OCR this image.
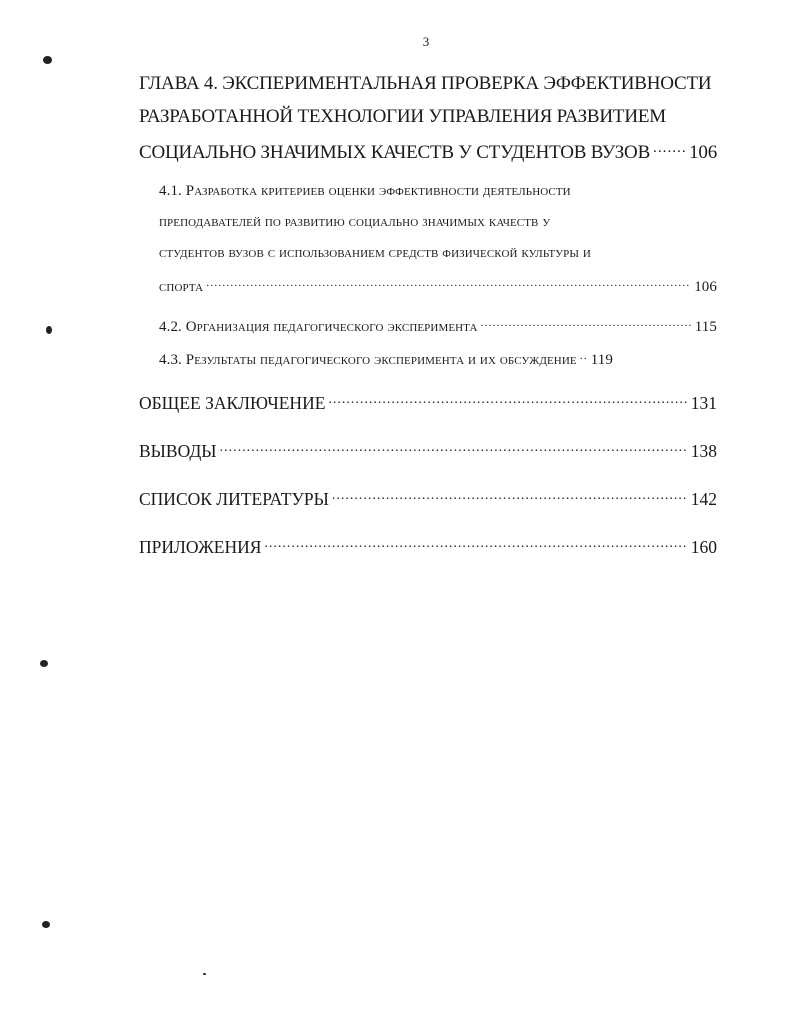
3
ГЛАВА 4. ЭКСПЕРИМЕНТАЛЬНАЯ ПРОВЕРКА ЭФФЕКТИВНОСТИ
РАЗРАБОТАННОЙ ТЕХНОЛОГИИ УПРАВЛЕНИЯ РАЗВИТИЕМ
СОЦИАЛЬНО ЗНАЧИМЫХ КАЧЕСТВ У СТУДЕНТОВ ВУЗОВ ..... 106
4.1. Разработка критериев оценки эффективности деятельности
преподавателей по развитию социально значимых качеств у
студентов вузов с использованием средств физической культуры и
спорта .....	106
4.2. Организация педагогического эксперимента .....	115
4.3. Результаты педагогического эксперимента и их обсуждение ..... 119
ОБЩЕЕ ЗАКЛЮЧЕНИЕ .....	131
ВЫВОДЫ .....	138
СПИСОК ЛИТЕРАТУРЫ .....	142
ПРИЛОЖЕНИЯ .....	160
